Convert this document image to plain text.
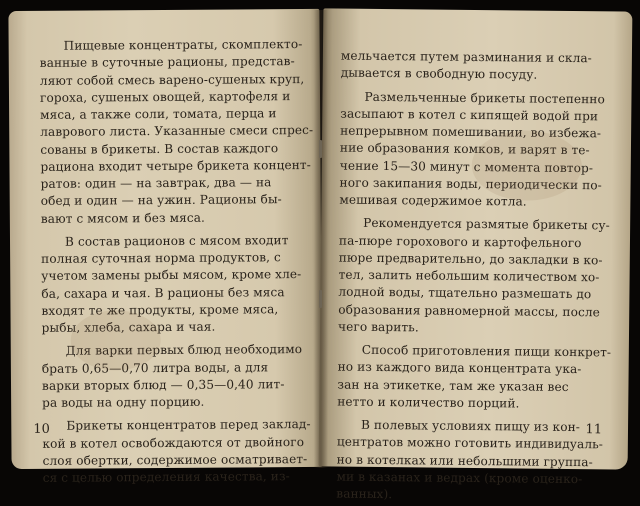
Пищевые концентраты, скомплекто-
ванные в суточные рационы, представ-
ляют собой смесь варено-сушеных круп,
гороха, сушеных овощей, картофеля и
мяса, а также соли, томата, перца и
лаврового листа. Указанные смеси спрес-
сованы в брикеты. В состав каждого
рациона входит четыре брикета концент-
ратов: один — на завтрак, два — на
обед и один — на ужин. Рационы бы-
вают с мясом и без мяса.

В состав рационов с мясом входит
полная суточная норма продуктов, с
учетом замены рыбы мясом, кроме хле-
ба, сахара и чая. В рационы без мяса
входят те же продукты, кроме мяса,
рыбы, хлеба, сахара и чая.

Для варки первых блюд необходимо
брать 0,65—0,70 литра воды, а для
варки вторых блюд — 0,35—0,40 лит-
ра воды на одну порцию.

Брикеты концентратов перед заклад-
кой в котел освобождаются от двойного
слоя обертки, содержимое осматривает-
ся с целью определения качества, из-

10

мельчается путем разминания и скла-
дывается в свободную посуду.

Размельченные брикеты постепенно
засыпают в котел с кипящей водой при
непрерывном помешивании, во избежа-
ние образования комков, и варят в те-
чение 15—30 минут с момента повтор-
ного закипания воды, периодически по-
мешивая содержимое котла.

Рекомендуется размятые брикеты су-
па-пюре горохового и картофельного
пюре предварительно, до закладки в ко-
тел, залить небольшим количеством хо-
лодной воды, тщательно размешать до
образования равномерной массы, после
чего варить.

Способ приготовления пищи конкрет-
но из каждого вида концентрата ука-
зан на этикетке, там же указан вес
нетто и количество порций.

В полевых условиях пищу из кон-
центратов можно готовить индивидуаль-
но в котелках или небольшими группа-
ми в казанах и ведрах (кроме оценко-
ванных).

11
